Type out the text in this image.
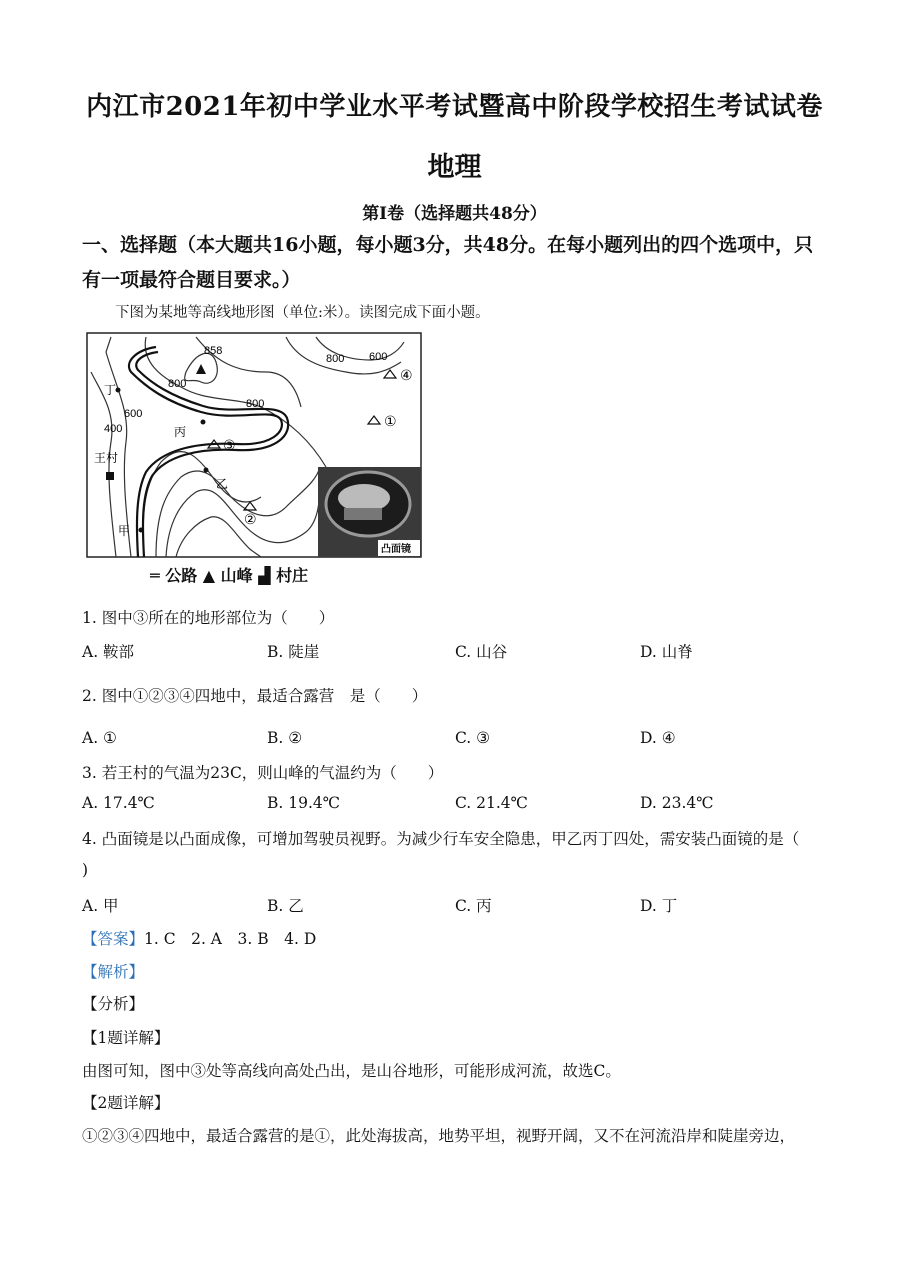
内江市2021年初中学业水平考试暨高中阶段学校招生考试试卷
地理
第Ⅰ卷（选择题共48分）
一、选择题（本大题共16小题，每小题3分，共48分。在每小题列出的四个选项中，只有一项最符合题目要求。）
下图为某地等高线地形图（单位:米）。读图完成下面小题。
858
800
800
800
600
600
400
王村
丁
丙
乙
甲
③
①
④
②
凸面镜
═ 公路 ▲ 山峰 ▟ 村庄
1. 图中③所在的地形部位为（　　）
A. 鞍部	B. 陡崖	C. 山谷	D. 山脊
2. 图中①②③④四地中，最适合露营　是（　　）
A. ①	B. ②	C. ③	D. ④
3. 若王村的气温为23C，则山峰的气温约为（　　）
A. 17.4℃	B. 19.4℃	C. 21.4℃	D. 23.4℃
4. 凸面镜是以凸面成像，可增加驾驶员视野。为减少行车安全隐患，甲乙丙丁四处，需安装凸面镜的是（
)
A. 甲	B. 乙	C. 丙	D. 丁
【答案】1. C　2. A　3. B　4. D
【解析】
【分析】
【1题详解】
由图可知，图中③处等高线向高处凸出，是山谷地形，可能形成河流，故选C。
【2题详解】
①②③④四地中，最适合露营的是①，此处海拔高，地势平坦，视野开阔，又不在河流沿岸和陡崖旁边，
